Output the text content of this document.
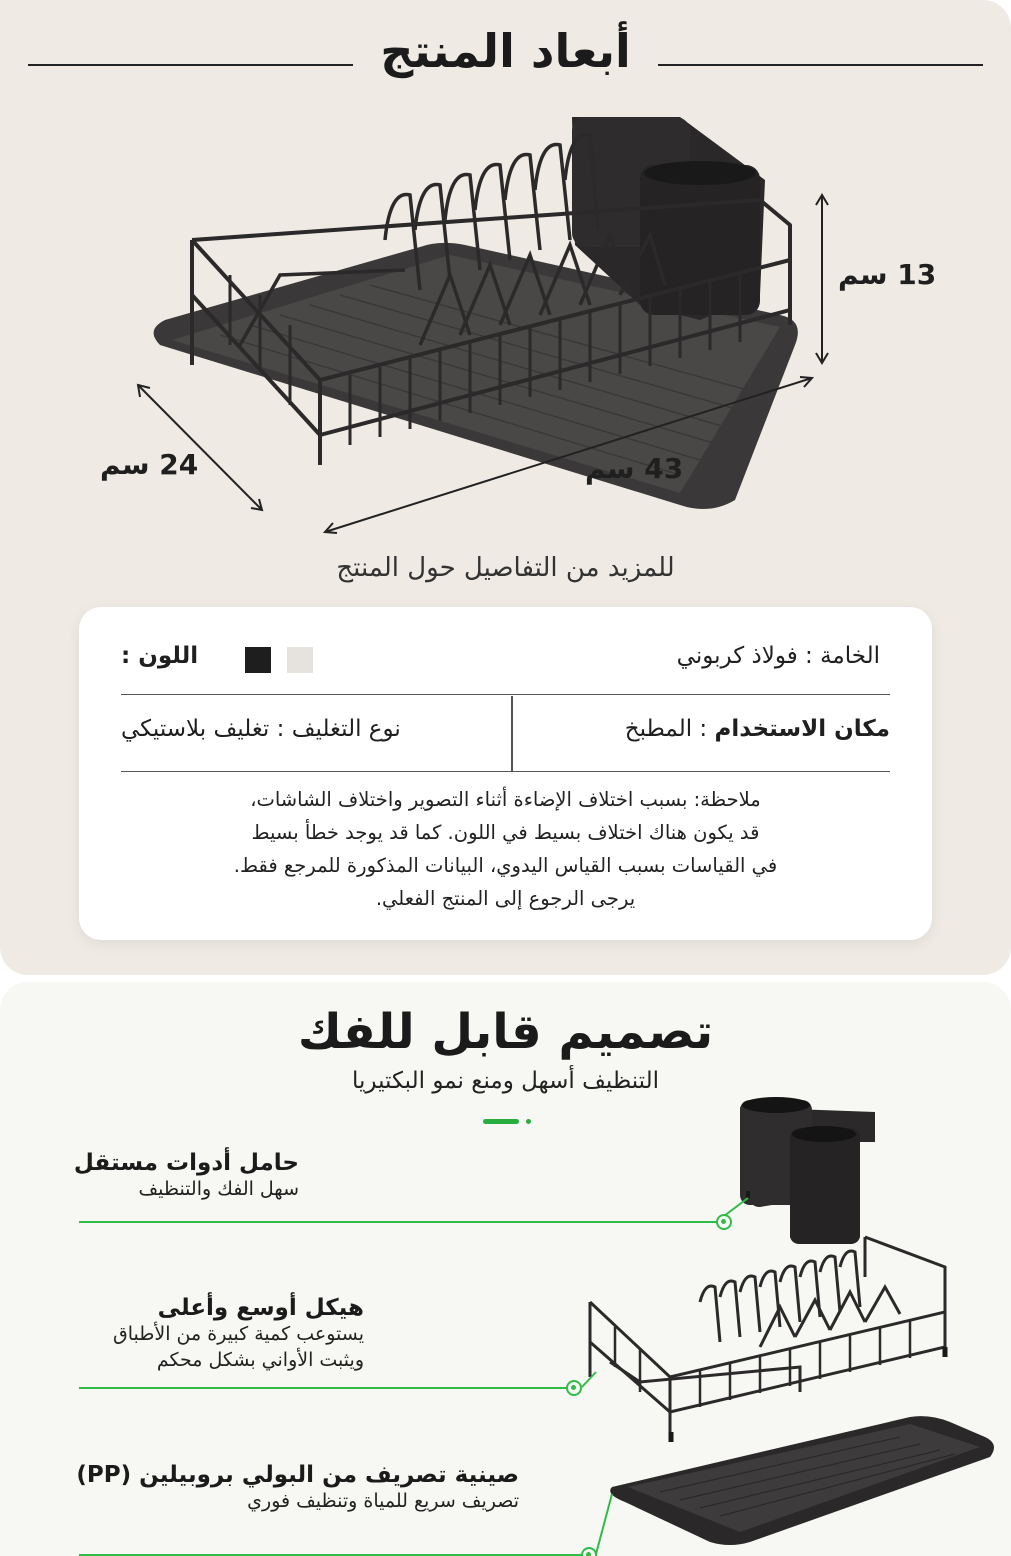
أبعاد المنتج
13 سم
43 سم
24 سم
للمزيد من التفاصيل حول المنتج
الخامة : فولاذ كربوني
اللون :
مكان الاستخدام : المطبخ
نوع التغليف : تغليف بلاستيكي
ملاحظة: بسبب اختلاف الإضاءة أثناء التصوير واختلاف الشاشات،
قد يكون هناك اختلاف بسيط في اللون. كما قد يوجد خطأ بسيط
في القياسات بسبب القياس اليدوي، البيانات المذكورة للمرجع فقط.
يرجى الرجوع إلى المنتج الفعلي.
تصميم قابل للفك
التنظيف أسهل ومنع نمو البكتيريا
حامل أدوات مستقل
سهل الفك والتنظيف
هيكل أوسع وأعلى
يستوعب كمية كبيرة من الأطباق
ويثبت الأواني بشكل محكم
صينية تصريف من البولي بروبيلين (PP)
تصريف سريع للمياة وتنظيف فوري
